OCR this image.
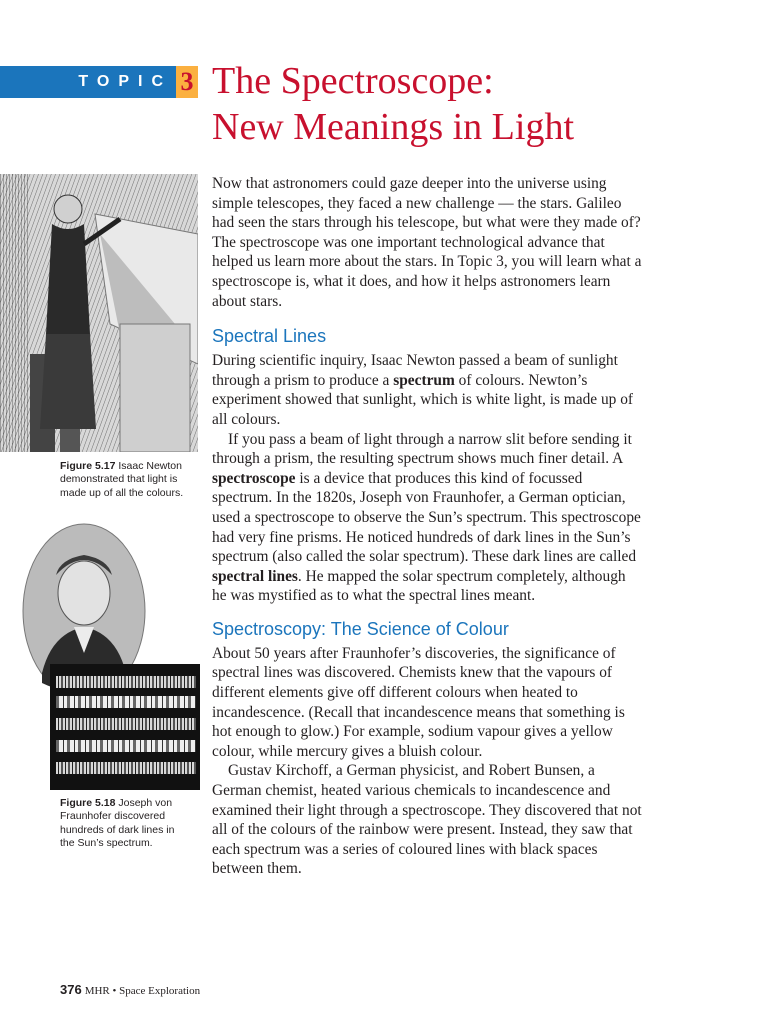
TOPIC 3 The Spectroscope:
New Meanings in Light
Figure 5.17 Isaac Newton demonstrated that light is made up of all the colours.
Figure 5.18 Joseph von Fraunhofer discovered hundreds of dark lines in the Sun’s spectrum.

Now that astronomers could gaze deeper into the universe using simple telescopes, they faced a new challenge — the stars. Galileo had seen the stars through his telescope, but what were they made of? The spectroscope was one important technological advance that helped us learn more about the stars. In Topic 3, you will learn what a spectroscope is, what it does, and how it helps astronomers learn about stars.

Spectral Lines

During scientific inquiry, Isaac Newton passed a beam of sunlight through a prism to produce a spectrum of colours. Newton’s experiment showed that sunlight, which is white light, is made up of all colours.

If you pass a beam of light through a narrow slit before sending it through a prism, the resulting spectrum shows much finer detail. A spectroscope is a device that produces this kind of focussed spectrum. In the 1820s, Joseph von Fraunhofer, a German optician, used a spectroscope to observe the Sun’s spectrum. This spectroscope had very fine prisms. He noticed hundreds of dark lines in the Sun’s spectrum (also called the solar spectrum). These dark lines are called spectral lines. He mapped the solar spectrum completely, although he was mystified as to what the spectral lines meant.

Spectroscopy: The Science of Colour

About 50 years after Fraunhofer’s discoveries, the significance of spectral lines was discovered. Chemists knew that the vapours of different elements give off different colours when heated to incandescence. (Recall that incandescence means that something is hot enough to glow.) For example, sodium vapour gives a yellow colour, while mercury gives a bluish colour.

Gustav Kirchoff, a German physicist, and Robert Bunsen, a German chemist, heated various chemicals to incandescence and examined their light through a spectroscope. They discovered that not all of the colours of the rainbow were present. Instead, they saw that each spectrum was a series of coloured lines with black spaces between them.

376 MHR • Space Exploration
